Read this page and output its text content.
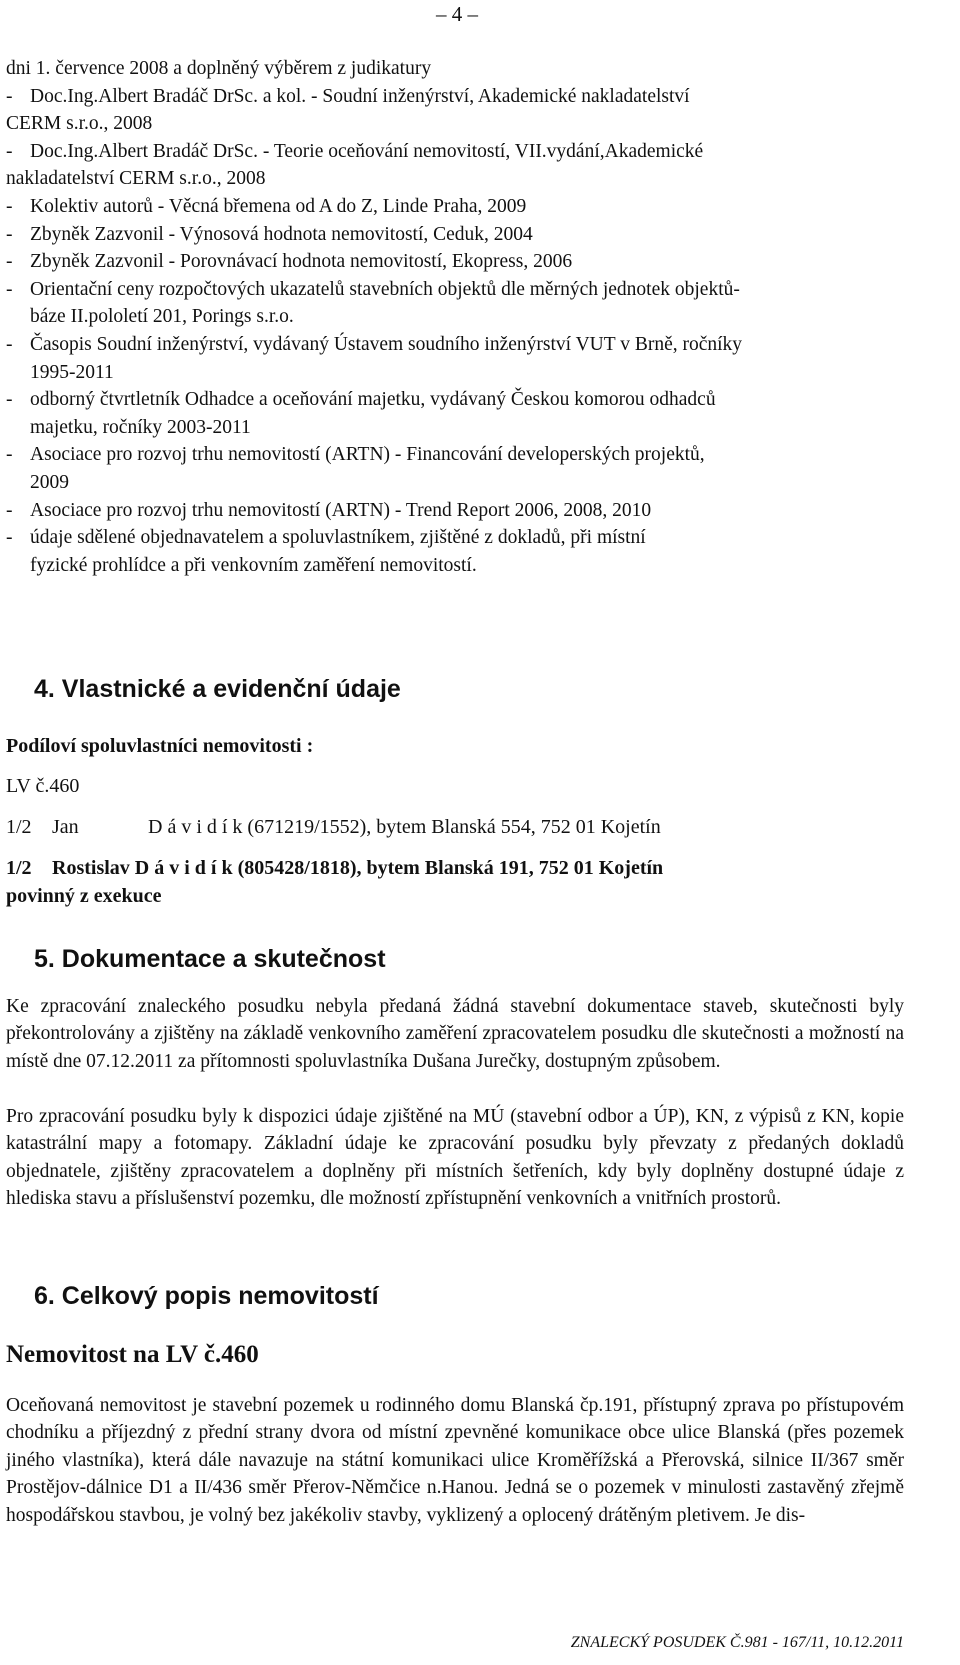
– 4 –
dni 1. července 2008 a doplněný výběrem z judikatury
- Doc.Ing.Albert Bradáč DrSc. a kol. - Soudní inženýrství, Akademické nakladatelství
CERM s.r.o., 2008
- Doc.Ing.Albert Bradáč DrSc. - Teorie oceňování nemovitostí, VII.vydání,Akademické
nakladatelství CERM s.r.o., 2008
- Kolektiv autorů - Věcná břemena od A do Z, Linde Praha, 2009
- Zbyněk Zazvonil - Výnosová hodnota nemovitostí, Ceduk, 2004
- Zbyněk Zazvonil - Porovnávací hodnota nemovitostí, Ekopress, 2006
- Orientační ceny rozpočtových ukazatelů stavebních objektů dle měrných jednotek objektů-
báze II.pololetí 201, Porings s.r.o.
- Časopis Soudní inženýrství, vydávaný Ústavem soudního inženýrství VUT v Brně, ročníky
1995-2011
- odborný čtvrtletník Odhadce a oceňování majetku, vydávaný Českou komorou odhadců
majetku, ročníky 2003-2011
- Asociace pro rozvoj trhu nemovitostí (ARTN) - Financování developerských projektů,
2009
- Asociace pro rozvoj trhu nemovitostí (ARTN) - Trend Report 2006, 2008, 2010
- údaje sdělené objednavatelem a spoluvlastníkem, zjištěné z dokladů, při místní
fyzické prohlídce a při venkovním zaměření nemovitostí.
4. Vlastnické a evidenční údaje
Podíloví spoluvlastníci nemovitosti :
LV č.460
1/2 Jan	D á v i d í k (671219/1552), bytem Blanská 554, 752 01 Kojetín
1/2 Rostislav D á v i d í k (805428/1818), bytem Blanská 191, 752 01 Kojetín
povinný z exekuce
5. Dokumentace a skutečnost

Ke zpracování znaleckého posudku nebyla předaná žádná stavební dokumentace staveb, skutečnosti byly překontrolovány a zjištěny na základě venkovního zaměření zpracovatelem posudku dle skutečnosti a možností na místě dne 07.12.2011 za přítomnosti spoluvlastníka Dušana Jurečky, dostupným způsobem.

Pro zpracování posudku byly k dispozici údaje zjištěné na MÚ (stavební odbor a ÚP), KN, z výpisů z KN, kopie katastrální mapy a fotomapy. Základní údaje ke zpracování posudku byly převzaty z předaných dokladů objednatele, zjištěny zpracovatelem a doplněny při místních šetřeních, kdy byly doplněny dostupné údaje z hlediska stavu a příslušenství pozemku, dle možností zpřístupnění venkovních a vnitřních prostorů.

6. Celkový popis nemovitostí
Nemovitost na LV č.460

Oceňovaná nemovitost je stavební pozemek u rodinného domu Blanská čp.191, přístupný zprava po přístupovém chodníku a příjezdný z přední strany dvora od místní zpevněné komunikace obce ulice Blanská (přes pozemek jiného vlastníka), která dále navazuje na státní komunikaci ulice Kroměřížská a Přerovská, silnice II/367 směr Prostějov-dálnice D1 a II/436 směr Přerov-Němčice n.Hanou. Jedná se o pozemek v minulosti zastavěný zřejmě hospodářskou stavbou, je volný bez jakékoliv stavby, vyklizený a oplocený drátěným pletivem. Je dis-

ZNALECKÝ POSUDEK Č.981 - 167/11, 10.12.2011
